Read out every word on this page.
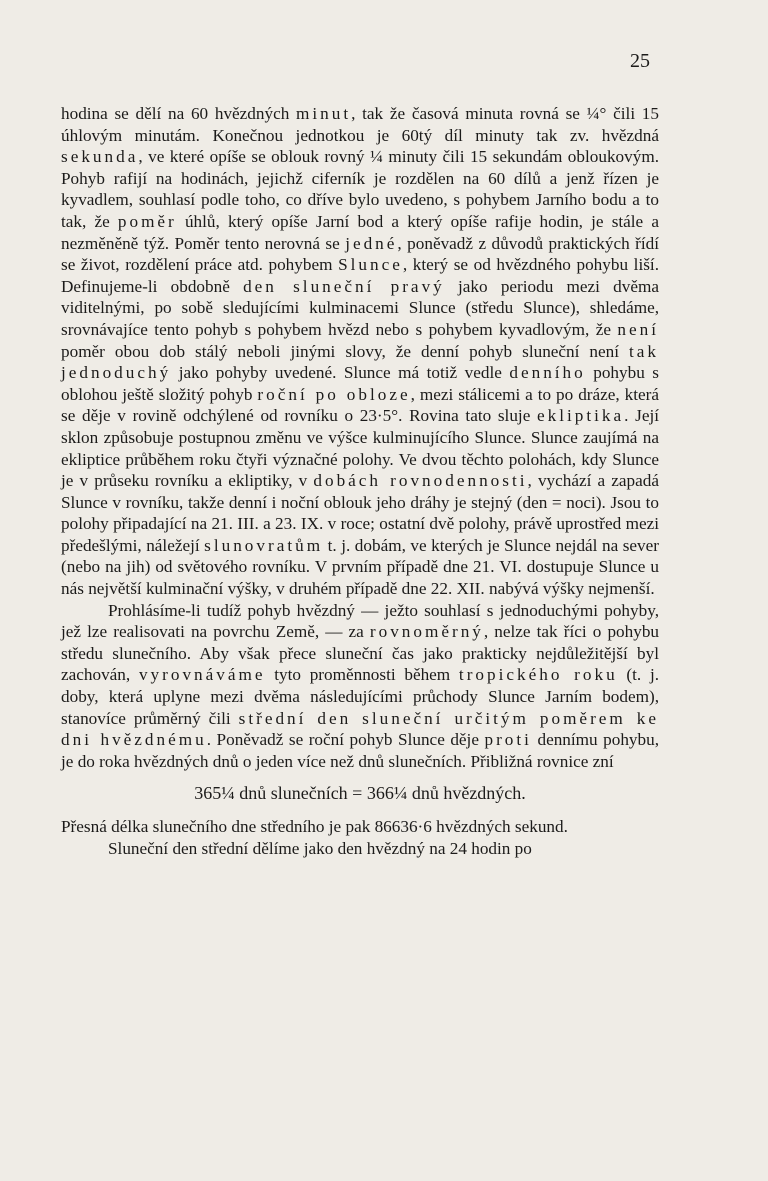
25

hodina se dělí na 60 hvězdných minut, tak že časová minuta rovná se ¼° čili 15 úhlovým minutám. Konečnou jednotkou je 60tý díl minuty tak zv. hvězdná sekunda, ve které opíše se oblouk rovný ¼ minuty čili 15 sekundám obloukovým. Pohyb rafijí na hodinách, jejichž ciferník je rozdělen na 60 dílů a jenž řízen je kyvadlem, souhlasí podle toho, co dříve bylo uvedeno, s pohybem Jarního bodu a to tak, že poměr úhlů, který opíše Jarní bod a který opíše rafije hodin, je stále a nezměněně týž. Poměr tento nerovná se jedné, poněvadž z důvodů praktických řídí se život, rozdělení práce atd. pohybem Slunce, který se od hvězdného pohybu liší. Definujeme-li obdobně den sluneční pravý jako periodu mezi dvěma viditelnými, po sobě sledujícími kulminacemi Slunce (středu Slunce), shledáme, srovnávajíce tento pohyb s pohybem hvězd nebo s pohybem kyvadlovým, že není poměr obou dob stálý neboli jinými slovy, že denní pohyb sluneční není tak jednoduchý jako pohyby uvedené. Slunce má totiž vedle denního pohybu s oblohou ještě složitý pohyb roční po obloze, mezi stálicemi a to po dráze, která se děje v rovině odchýlené od rovníku o 23·5°. Rovina tato sluje ekliptika. Její sklon způsobuje postupnou změnu ve výšce kulminujícího Slunce. Slunce zaujímá na ekliptice průběhem roku čtyři význačné polohy. Ve dvou těchto polohách, kdy Slunce je v průseku rovníku a ekliptiky, v dobách rovnodennosti, vychází a zapadá Slunce v rovníku, takže denní i noční oblouk jeho dráhy je stejný (den = noci). Jsou to polohy připadající na 21. III. a 23. IX. v roce; ostatní dvě polohy, právě uprostřed mezi předešlými, náležejí slunovratům t. j. dobám, ve kterých je Slunce nejdál na sever (nebo na jih) od světového rovníku. V prvním případě dne 21. VI. dostupuje Slunce u nás největší kulminační výšky, v druhém případě dne 22. XII. nabývá výšky nejmenší.

Prohlásíme-li tudíž pohyb hvězdný — ježto souhlasí s jednoduchými pohyby, jež lze realisovati na povrchu Země, — za rovnoměrný, nelze tak říci o pohybu středu slunečního. Aby však přece sluneční čas jako prakticky nejdůležitější byl zachován, vyrovnáváme tyto proměnnosti během tropického roku (t. j. doby, která uplyne mezi dvěma následujícími průchody Slunce Jarním bodem), stanovíce průměrný čili střední den sluneční určitým poměrem ke dni hvězdnému. Poněvadž se roční pohyb Slunce děje proti dennímu pohybu, je do roka hvězdných dnů o jeden více než dnů slunečních. Přibližná rovnice zní

365¼ dnů slunečních = 366¼ dnů hvězdných.

Přesná délka slunečního dne středního je pak 86636·6 hvězdných sekund.

Sluneční den střední dělíme jako den hvězdný na 24 hodin po
